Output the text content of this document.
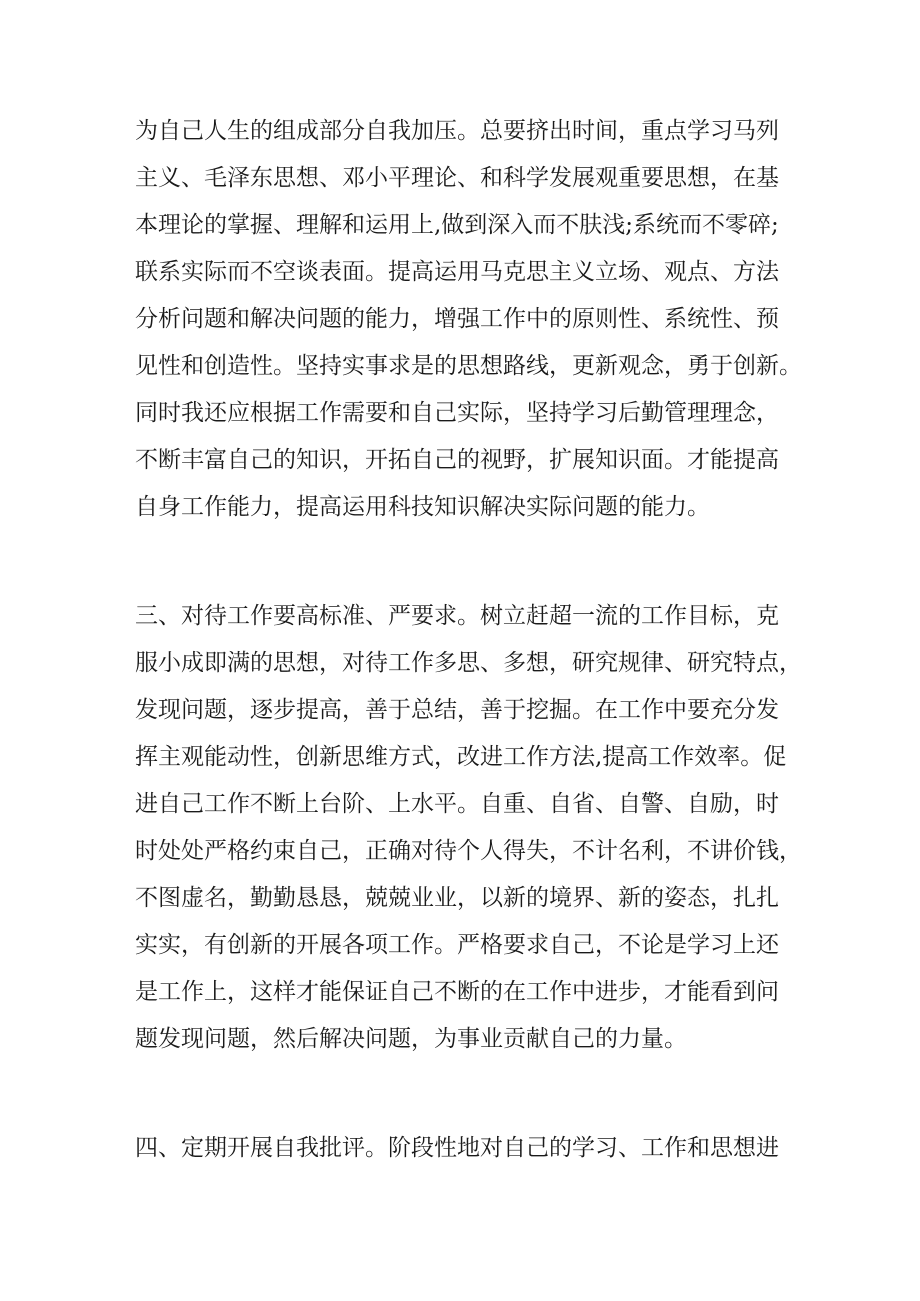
为自己人生的组成部分自我加压。总要挤出时间，重点学习马列
主义、毛泽东思想、邓小平理论、和科学发展观重要思想，在基
本理论的掌握、理解和运用上,做到深入而不肤浅;系统而不零碎;
联系实际而不空谈表面。提高运用马克思主义立场、观点、方法
分析问题和解决问题的能力，增强工作中的原则性、系统性、预
见性和创造性。坚持实事求是的思想路线，更新观念，勇于创新。
同时我还应根据工作需要和自己实际，坚持学习后勤管理理念，
不断丰富自己的知识，开拓自己的视野，扩展知识面。才能提高
自身工作能力，提高运用科技知识解决实际问题的能力。
三、对待工作要高标准、严要求。树立赶超一流的工作目标，克
服小成即满的思想，对待工作多思、多想，研究规律、研究特点，
发现问题，逐步提高，善于总结，善于挖掘。在工作中要充分发
挥主观能动性，创新思维方式，改进工作方法,提高工作效率。促
进自己工作不断上台阶、上水平。自重、自省、自警、自励，时
时处处严格约束自己，正确对待个人得失，不计名利，不讲价钱，
不图虚名，勤勤恳恳，兢兢业业，以新的境界、新的姿态，扎扎
实实，有创新的开展各项工作。严格要求自己，不论是学习上还
是工作上，这样才能保证自己不断的在工作中进步，才能看到问
题发现问题，然后解决问题，为事业贡献自己的力量。
四、定期开展自我批评。阶段性地对自己的学习、工作和思想进
